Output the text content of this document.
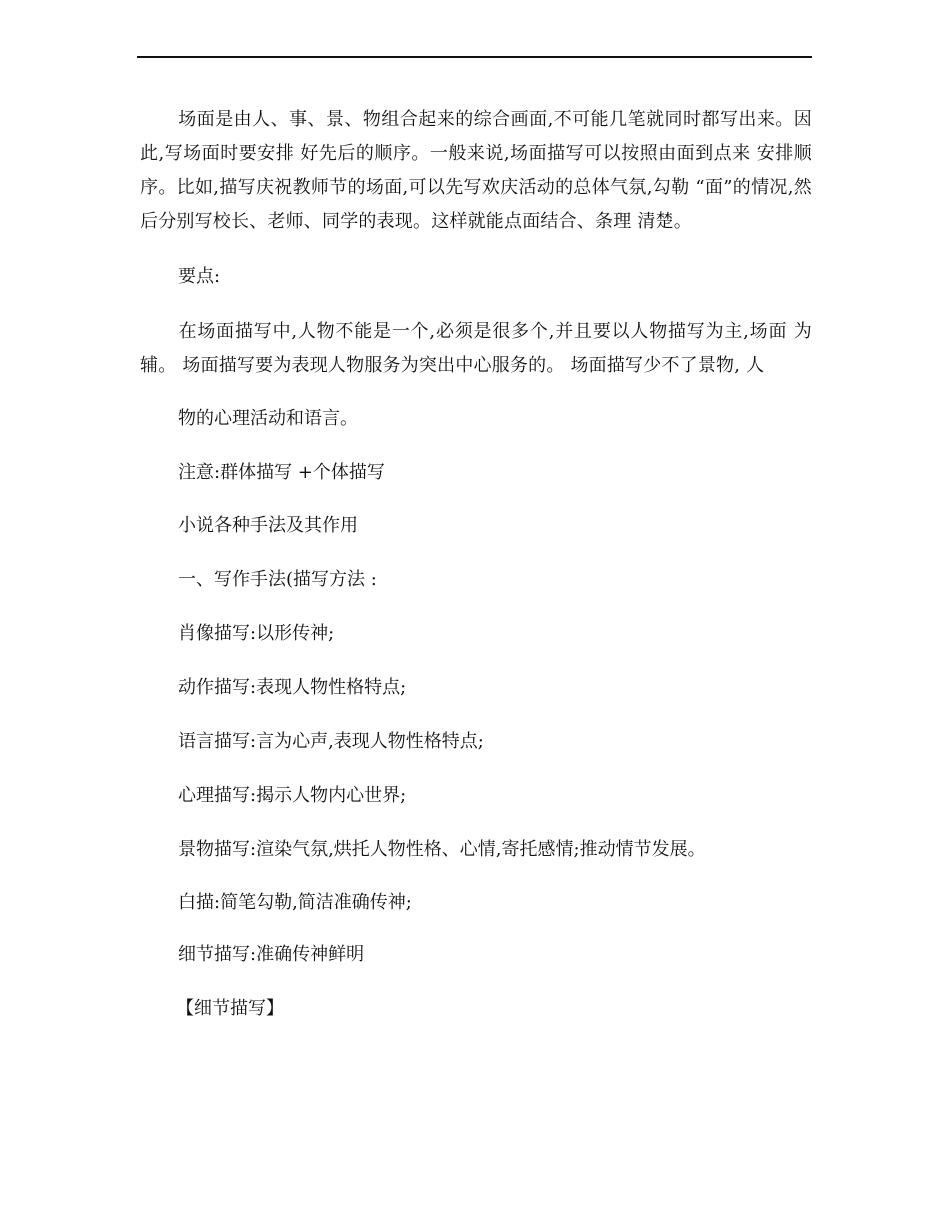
场面是由人、事、景、物组合起来的综合画面,不可能几笔就同时都写出来。因 此,写场面时要安排 好先后的顺序。一般来说,场面描写可以按照由面到点来 安排顺序。比如,描写庆祝教师节的场面,可以先写欢庆活动的总体气氛,勾勒 “面”的情况,然后分别写校长、老师、同学的表现。这样就能点面结合、条理 清楚。

要点:

在场面描写中,人物不能是一个,必须是很多个,并且要以人物描写为主,场面 为辅。 场面描写要为表现人物服务为突出中心服务的。 场面描写少不了景物, 人

物的心理活动和语言。

注意:群体描写 +个体描写

小说各种手法及其作用

一、写作手法(描写方法 :

肖像描写:以形传神;

动作描写:表现人物性格特点;

语言描写:言为心声,表现人物性格特点;

心理描写:揭示人物内心世界;

景物描写:渲染气氛,烘托人物性格、心情,寄托感情;推动情节发展。

白描:简笔勾勒,简洁准确传神;

细节描写:准确传神鲜明

【细节描写】
